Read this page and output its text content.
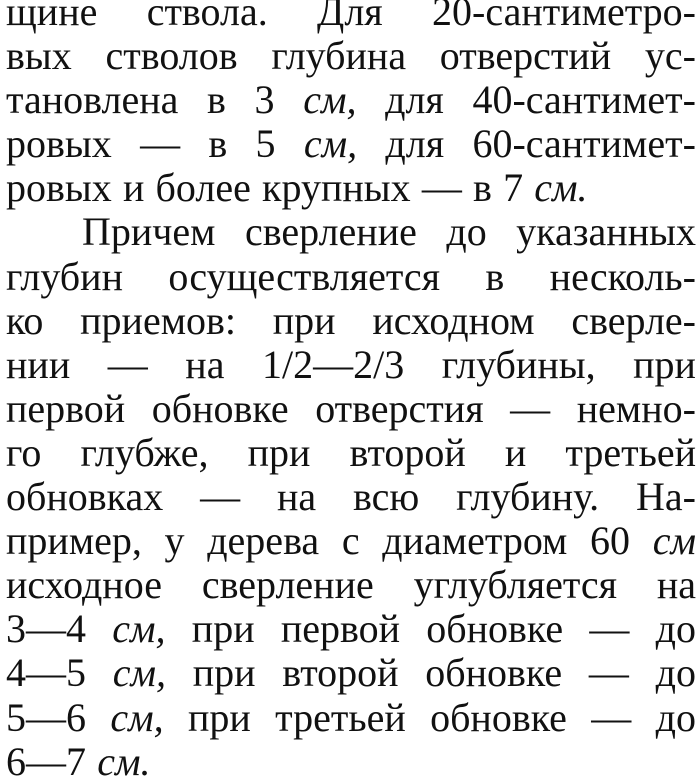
щине ствола. Для 20-сантиметро-
вых стволов глубина отверстий ус-
тановлена в 3 см, для 40-сантимет-
ровых — в 5 см, для 60-сантимет-
ровых и более крупных — в 7 см.
Причем сверление до указанных
глубин осуществляется в несколь-
ко приемов: при исходном сверле-
нии — на 1/2—2/3 глубины, при
первой обновке отверстия — немно-
го глубже, при второй и третьей
обновках — на всю глубину. На-
пример, у дерева с диаметром 60 см
исходное сверление углубляется на
3—4 см, при первой обновке — до
4—5 см, при второй обновке — до
5—6 см, при третьей обновке — до
6—7 см.
